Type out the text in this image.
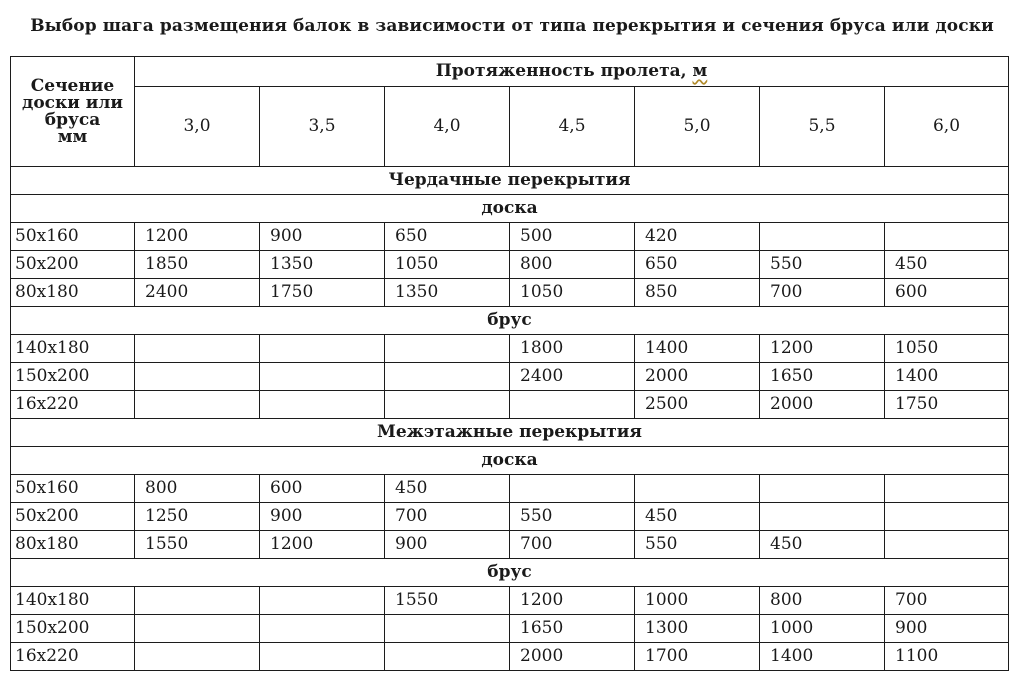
Выбор шага размещения балок в зависимости от типа перекрытия и сечения бруса или доски
Сечение
доски или
бруса
мм	Протяженность пролета, м						
	3,0	3,5	4,0	4,5	5,0	5,5	6,0
Чердачные перекрытия							
доска							
50х160	1200	900	650	500	420		
50х200	1850	1350	1050	800	650	550	450
80х180	2400	1750	1350	1050	850	700	600
брус							
140х180				1800	1400	1200	1050
150х200				2400	2000	1650	1400
16х220					2500	2000	1750
Межэтажные перекрытия							
доска							
50х160	800	600	450				
50х200	1250	900	700	550	450		
80х180	1550	1200	900	700	550	450	
брус							
140х180			1550	1200	1000	800	700
150х200				1650	1300	1000	900
16х220				2000	1700	1400	1100
